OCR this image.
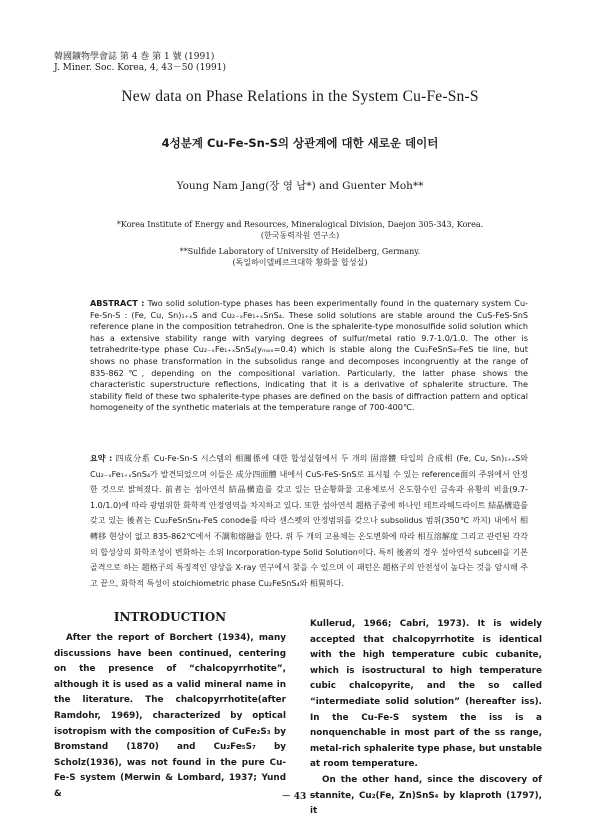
韓國鑛物學會誌 第 4 巻 第 1 號 (1991)
J. Miner. Soc. Korea, 4, 43－50 (1991)
New data on Phase Relations in the System Cu-Fe-Sn-S
4성분계 Cu-Fe-Sn-S의 상관계에 대한 새로운 데이터
Young Nam Jang(장 영 남*) and Guenter Moh**
*Korea Institute of Energy and Resources, Mineralogical Division, Daejon 305-343, Korea.
(한국동력자원 연구소)
**Sulfide Laboratory of University of Heidelberg, Germany.
(독일하이델베르크대학 황화물 합성실)
ABSTRACT : Two solid solution-type phases has been experimentally found in the quaternary system Cu-Fe-Sn-S : (Fe, Cu, Sn)₁₊ₓS and Cu₂₋ₓFe₁₊ₓSnS₄. These solid solutions are stable around the CuS-FeS-SnS reference plane in the composition tetrahedron. One is the sphalerite-type monosulfide solid solution which has a extensive stability range with varying degrees of sulfur/metal ratio 9.7-1.0/1.0. The other is tetrahedrite-type phase Cu₂₋ₓFe₁₊ₓSnS₄(yₘₐₓ=0.4) which is stable along the Cu₂FeSnS₄-FeS tie line, but shows no phase transformation in the subsolidus range and decomposes incongruently at the range of 835-862℃, depending on the compositional variation. Particularly, the latter phase shows the characteristic superstructure reflections, indicating that it is a derivative of sphalerite structure. The stability field of these two sphalerite-type phases are defined on the basis of diffraction pattern and optical homogeneity of the synthetic materials at the temperature range of 700-400℃.
요약 : 四成分系 Cu-Fe-Sn-S 시스템의 相關係에 대한 합성실험에서 두 개의 固溶體 타입의 合成相 (Fe, Cu, Sn)₁₊ₓS와 Cu₂₋ₓFe₁₊ₓSnS₄가 발견되었으며 이들은 成分四面體 내에서 CuS-FeS-SnS로 표시될 수 있는 reference面의 주위에서 안정한 것으로 밝혀졌다. 前者는 섬아연석 結晶構造를 갖고 있는 단순황화물 고용체로서 온도함수인 금속과 유황의 비율(9.7-1.0/1.0)에 따라 광범위한 화학적 안정영역을 차지하고 있다. 또한 섬아연석 超格子중에 하나인 테트라헤드라이트 結晶構造를 갖고 있는 後者는 Cu₂FeSnSn₄-FeS conode를 따라 센스펫의 안정범위를 갖으나 subsolidus 범위(350℃ 까지) 내에서 相轉移 현상이 없고 835-862℃에서 不調和熔融을 한다. 위 두 개의 고용체는 온도변화에 따라 相互溶解度 그리고 관련된 각각의 합성상의 화학조성이 변화하는 소위 Incorporation-type Solid Solution이다. 특히 後者의 경우 섬아연석 subcell을 기본골격으로 하는 超格子의 특징적인 양상을 X-ray 연구에서 찾을 수 있으며 이 패턴은 超格子의 안전성이 높다는 것을 암시해 주고 끝으, 화학적 특성이 stoichiometric phase Cu₂FeSnS₄와 相異하다.
INTRODUCTION

After the report of Borchert (1934), many discussions have been continued, centering on the presence of “chalcopyrrhotite”, although it is used as a valid mineral name in the literature. The chalcopyrrhotite(after Ramdohr, 1969), characterized by optical isotropism with the composition of CuFe₂S₃ by Bromstand (1870) and Cu₂Fe₅S₇ by Scholz(1936), was not found in the pure Cu-Fe-S system (Merwin & Lombard, 1937; Yund &

Kullerud, 1966; Cabri, 1973). It is widely accepted that chalcopyrrhotite is identical with the high temperature cubic cubanite, which is isostructural to high temperature cubic chalcopyrite, and the so called “intermediate solid solution” (hereafter iss). In the Cu-Fe-S system the iss is a nonquenchable in most part of the ss range, metal-rich sphalerite type phase, but unstable at room temperature.

On the other hand, since the discovery of stannite, Cu₂(Fe, Zn)SnS₄ by klaproth (1797), it

－ 43 －
